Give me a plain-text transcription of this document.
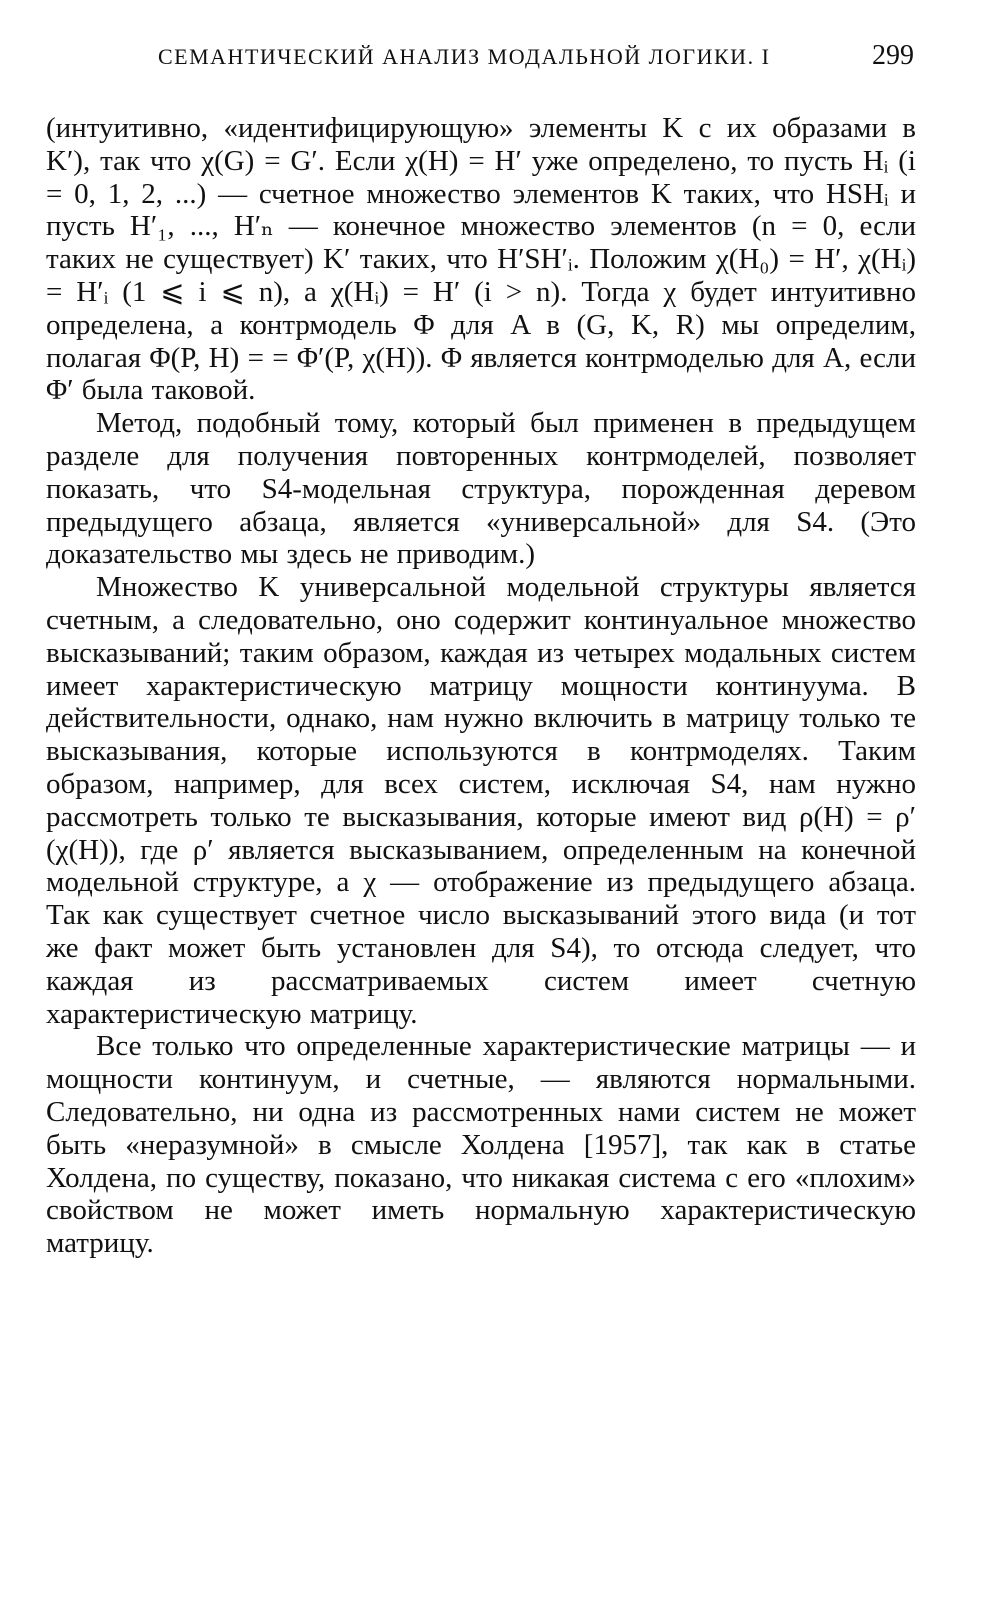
СЕМАНТИЧЕСКИЙ АНАЛИЗ МОДАЛЬНОЙ ЛОГИКИ. I	299

(интуитивно, «идентифицирующую» элементы K с их образами в K′), так что χ(G) = G′. Если χ(H) = H′ уже определено, то пусть Hᵢ (i = 0, 1, 2, ...) — счетное множество элементов K таких, что HSHᵢ и пусть H′₁, ..., H′ₙ — конечное множество элементов (n = 0, если таких не существует) K′ таких, что H′SH′ᵢ. Положим χ(H₀) = H′, χ(Hᵢ) = H′ᵢ (1 ⩽ i ⩽ n), а χ(Hᵢ) = H′ (i > n). Тогда χ будет интуитивно определена, а контрмодель Φ для A в (G, K, R) мы определим, полагая Φ(P, H) = = Φ′(P, χ(H)). Φ является контрмоделью для A, если Φ′ была таковой.

Метод, подобный тому, который был применен в предыдущем разделе для получения повторенных контрмоделей, позволяет показать, что S4-модельная структура, порожденная деревом предыдущего абзаца, является «универсальной» для S4. (Это доказательство мы здесь не приводим.)

Множество K универсальной модельной структуры является счетным, а следовательно, оно содержит континуальное множество высказываний; таким образом, каждая из четырех модальных систем имеет характеристическую матрицу мощности континуума. В действительности, однако, нам нужно включить в матрицу только те высказывания, которые используются в контрмоделях. Таким образом, например, для всех систем, исключая S4, нам нужно рассмотреть только те высказывания, которые имеют вид ρ(H) = ρ′(χ(H)), где ρ′ является высказыванием, определенным на конечной модельной структуре, а χ — отображение из предыдущего абзаца. Так как существует счетное число высказываний этого вида (и тот же факт может быть установлен для S4), то отсюда следует, что каждая из рассматриваемых систем имеет счетную характеристическую матрицу.

Все только что определенные характеристические матрицы — и мощности континуум, и счетные, — являются нормальными. Следовательно, ни одна из рассмотренных нами систем не может быть «неразумной» в смысле Холдена [1957], так как в статье Холдена, по существу, показано, что никакая система с его «плохим» свойством не может иметь нормальную характеристическую матрицу.
